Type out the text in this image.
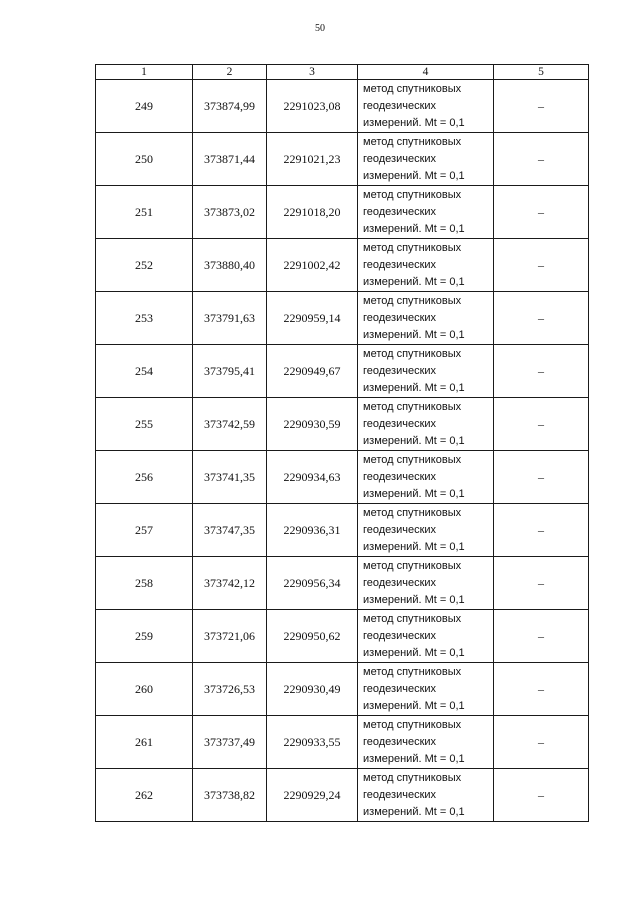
50
1	2	3	4	5
249	373874,99	2291023,08	метод спутниковых
геодезических
измерений. Mt = 0,1	–
250	373871,44	2291021,23	метод спутниковых
геодезических
измерений. Mt = 0,1	–
251	373873,02	2291018,20	метод спутниковых
геодезических
измерений. Mt = 0,1	–
252	373880,40	2291002,42	метод спутниковых
геодезических
измерений. Mt = 0,1	–
253	373791,63	2290959,14	метод спутниковых
геодезических
измерений. Mt = 0,1	–
254	373795,41	2290949,67	метод спутниковых
геодезических
измерений. Mt = 0,1	–
255	373742,59	2290930,59	метод спутниковых
геодезических
измерений. Mt = 0,1	–
256	373741,35	2290934,63	метод спутниковых
геодезических
измерений. Mt = 0,1	–
257	373747,35	2290936,31	метод спутниковых
геодезических
измерений. Mt = 0,1	–
258	373742,12	2290956,34	метод спутниковых
геодезических
измерений. Mt = 0,1	–
259	373721,06	2290950,62	метод спутниковых
геодезических
измерений. Mt = 0,1	–
260	373726,53	2290930,49	метод спутниковых
геодезических
измерений. Mt = 0,1	–
261	373737,49	2290933,55	метод спутниковых
геодезических
измерений. Mt = 0,1	–
262	373738,82	2290929,24	метод спутниковых
геодезических
измерений. Mt = 0,1	–
